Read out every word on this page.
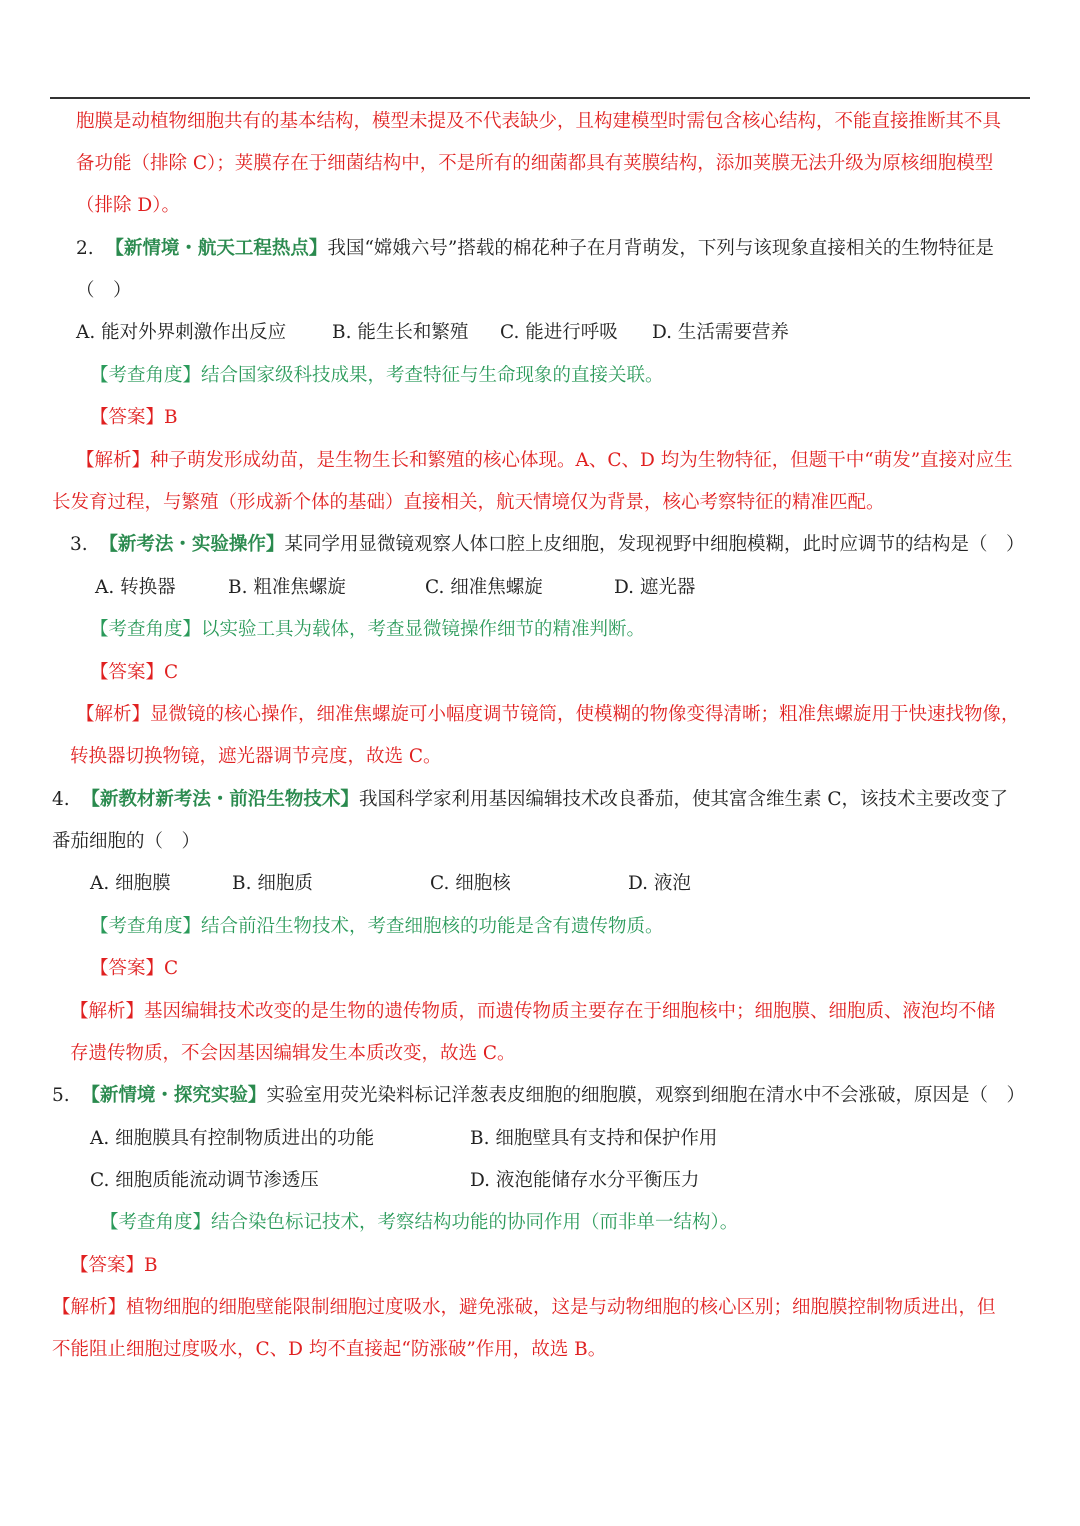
胞膜是动植物细胞共有的基本结构，模型未提及不代表缺少，且构建模型时需包含核心结构，不能直接推断其不具
备功能（排除 C）；荚膜存在于细菌结构中，不是所有的细菌都具有荚膜结构，添加荚膜无法升级为原核细胞模型
（排除 D）。
2. 【新情境・航天工程热点】我国“嫦娥六号”搭载的棉花种子在月背萌发，下列与该现象直接相关的生物特征是
（　）
A. 能对外界刺激作出反应 B. 能生长和繁殖 C. 能进行呼吸 D. 生活需要营养
【考查角度】结合国家级科技成果，考查特征与生命现象的直接关联。
【答案】B
【解析】种子萌发形成幼苗，是生物生长和繁殖的核心体现。A、C、D 均为生物特征，但题干中“萌发”直接对应生
长发育过程，与繁殖（形成新个体的基础）直接相关，航天情境仅为背景，核心考察特征的精准匹配。
3. 【新考法・实验操作】某同学用显微镜观察人体口腔上皮细胞，发现视野中细胞模糊，此时应调节的结构是（　）
A. 转换器	B. 粗准焦螺旋	C. 细准焦螺旋	D. 遮光器
【考查角度】以实验工具为载体，考查显微镜操作细节的精准判断。
【答案】C
【解析】显微镜的核心操作，细准焦螺旋可小幅度调节镜筒，使模糊的物像变得清晰；粗准焦螺旋用于快速找物像，
转换器切换物镜，遮光器调节亮度，故选 C。
4. 【新教材新考法・前沿生物技术】我国科学家利用基因编辑技术改良番茄，使其富含维生素 C，该技术主要改变了
番茄细胞的（　）
A. 细胞膜	B. 细胞质	C. 细胞核	D. 液泡
【考查角度】结合前沿生物技术，考查细胞核的功能是含有遗传物质。
【答案】C
【解析】基因编辑技术改变的是生物的遗传物质，而遗传物质主要存在于细胞核中；细胞膜、细胞质、液泡均不储
存遗传物质，不会因基因编辑发生本质改变，故选 C。
5. 【新情境・探究实验】实验室用荧光染料标记洋葱表皮细胞的细胞膜，观察到细胞在清水中不会涨破，原因是（　）
A. 细胞膜具有控制物质进出的功能	B. 细胞壁具有支持和保护作用
C. 细胞质能流动调节渗透压	D. 液泡能储存水分平衡压力
【考查角度】结合染色标记技术，考察结构功能的协同作用（而非单一结构）。
【答案】B
【解析】植物细胞的细胞壁能限制细胞过度吸水，避免涨破，这是与动物细胞的核心区别；细胞膜控制物质进出，但
不能阻止细胞过度吸水，C、D 均不直接起“防涨破”作用，故选 B。
